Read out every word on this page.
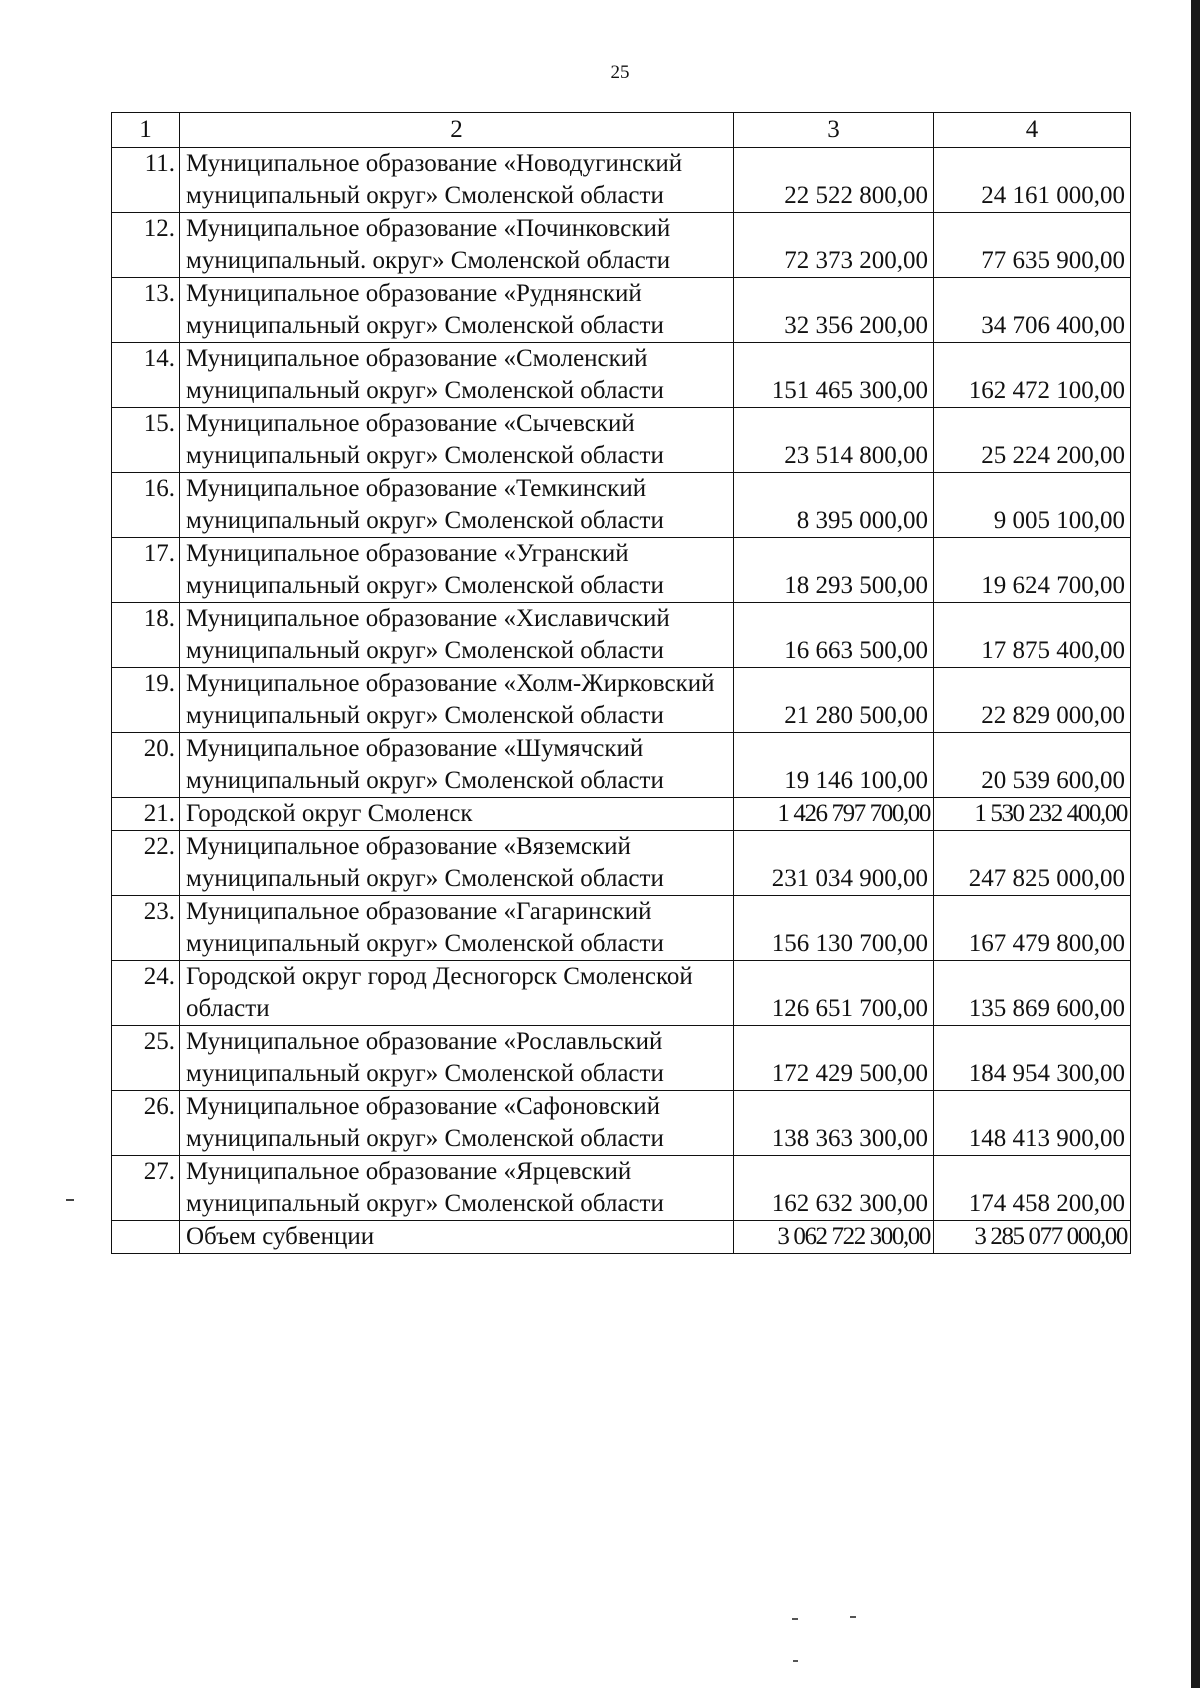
25
1	2	3	4
11.	Муниципальное образование «Новодугинский муниципальный округ» Смоленской области	22 522 800,00	24 161 000,00
12.	Муниципальное образование «Починковский муниципальный. округ» Смоленской области	72 373 200,00	77 635 900,00
13.	Муниципальное образование «Руднянский муниципальный округ» Смоленской области	32 356 200,00	34 706 400,00
14.	Муниципальное образование «Смоленский муниципальный округ» Смоленской области	151 465 300,00	162 472 100,00
15.	Муниципальное образование «Сычевский муниципальный округ» Смоленской области	23 514 800,00	25 224 200,00
16.	Муниципальное образование «Темкинский муниципальный округ» Смоленской области	8 395 000,00	9 005 100,00
17.	Муниципальное образование «Угранский муниципальный округ» Смоленской области	18 293 500,00	19 624 700,00
18.	Муниципальное образование «Хиславичский муниципальный округ» Смоленской области	16 663 500,00	17 875 400,00
19.	Муниципальное образование «Холм-Жирковский муниципальный округ» Смоленской области	21 280 500,00	22 829 000,00
20.	Муниципальное образование «Шумячский муниципальный округ» Смоленской области	19 146 100,00	20 539 600,00
21.	Городской округ Смоленск	1 426 797 700,00	1 530 232 400,00
22.	Муниципальное образование «Вяземский муниципальный округ» Смоленской области	231 034 900,00	247 825 000,00
23.	Муниципальное образование «Гагаринский муниципальный округ» Смоленской области	156 130 700,00	167 479 800,00
24.	Городской округ город Десногорск Смоленской области	126 651 700,00	135 869 600,00
25.	Муниципальное образование «Рославльский муниципальный округ» Смоленской области	172 429 500,00	184 954 300,00
26.	Муниципальное образование «Сафоновский муниципальный округ» Смоленской области	138 363 300,00	148 413 900,00
27.	Муниципальное образование «Ярцевский муниципальный округ» Смоленской области	162 632 300,00	174 458 200,00
	Объем субвенции	3 062 722 300,00	3 285 077 000,00
